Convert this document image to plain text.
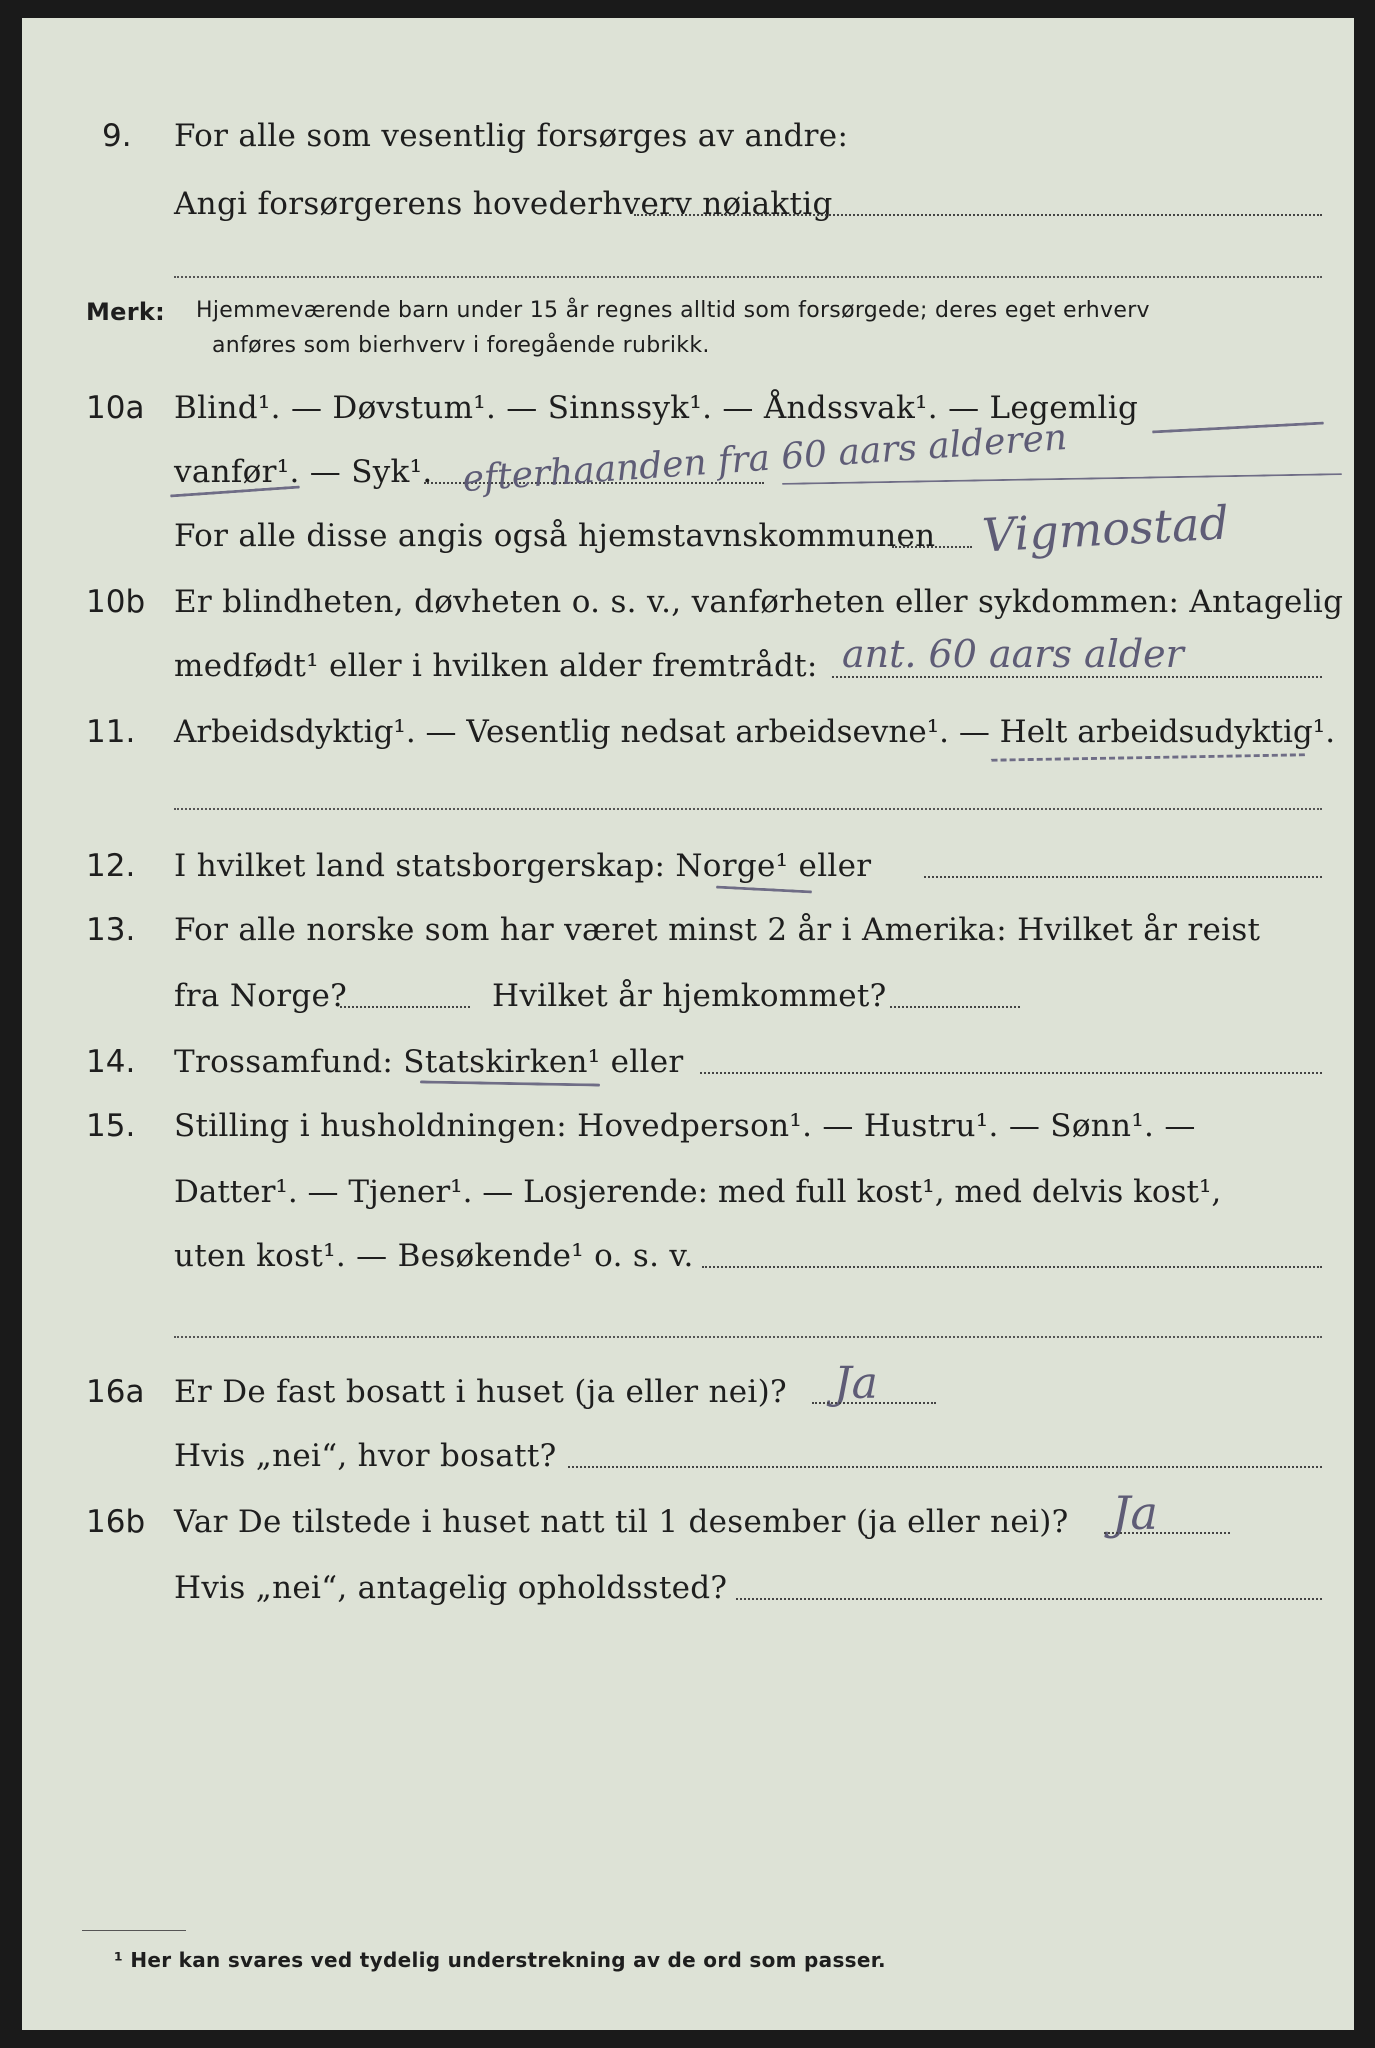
9. For alle som vesentlig forsørges av andre:
Angi forsørgerens hovederhverv nøiaktig
Merk: Hjemmeværende barn under 15 år regnes alltid som forsørgede; deres eget erhverv
anføres som bierhverv i foregående rubrikk.
10a Blind¹. — Døvstum¹. — Sinnssyk¹. — Åndssvak¹. — Legemlig
vanfør¹. — Syk¹. efterhaanden fra 60 aars alderen
For alle disse angis også hjemstavnskommunen Vigmostad
10b Er blindheten, døvheten o. s. v., vanførheten eller sykdommen: Antagelig
medfødt¹ eller i hvilken alder fremtrådt: ant. 60 aars alder
11. Arbeidsdyktig¹. — Vesentlig nedsat arbeidsevne¹. — Helt arbeidsudyktig¹.
12. I hvilket land statsborgerskap: Norge¹ eller
13. For alle norske som har været minst 2 år i Amerika: Hvilket år reist
fra Norge?	Hvilket år hjemkommet?
14. Trossamfund: Statskirken¹ eller
15. Stilling i husholdningen: Hovedperson¹. — Hustru¹. — Sønn¹. —
Datter¹. — Tjener¹. — Losjerende: med full kost¹, med delvis kost¹,
uten kost¹. — Besøkende¹ o. s. v.
16a Er De fast bosatt i huset (ja eller nei)? Ja
Hvis „nei“, hvor bosatt?
16b Var De tilstede i huset natt til 1 desember (ja eller nei)? Ja
Hvis „nei“, antagelig opholdssted?
¹ Her kan svares ved tydelig understrekning av de ord som passer.
